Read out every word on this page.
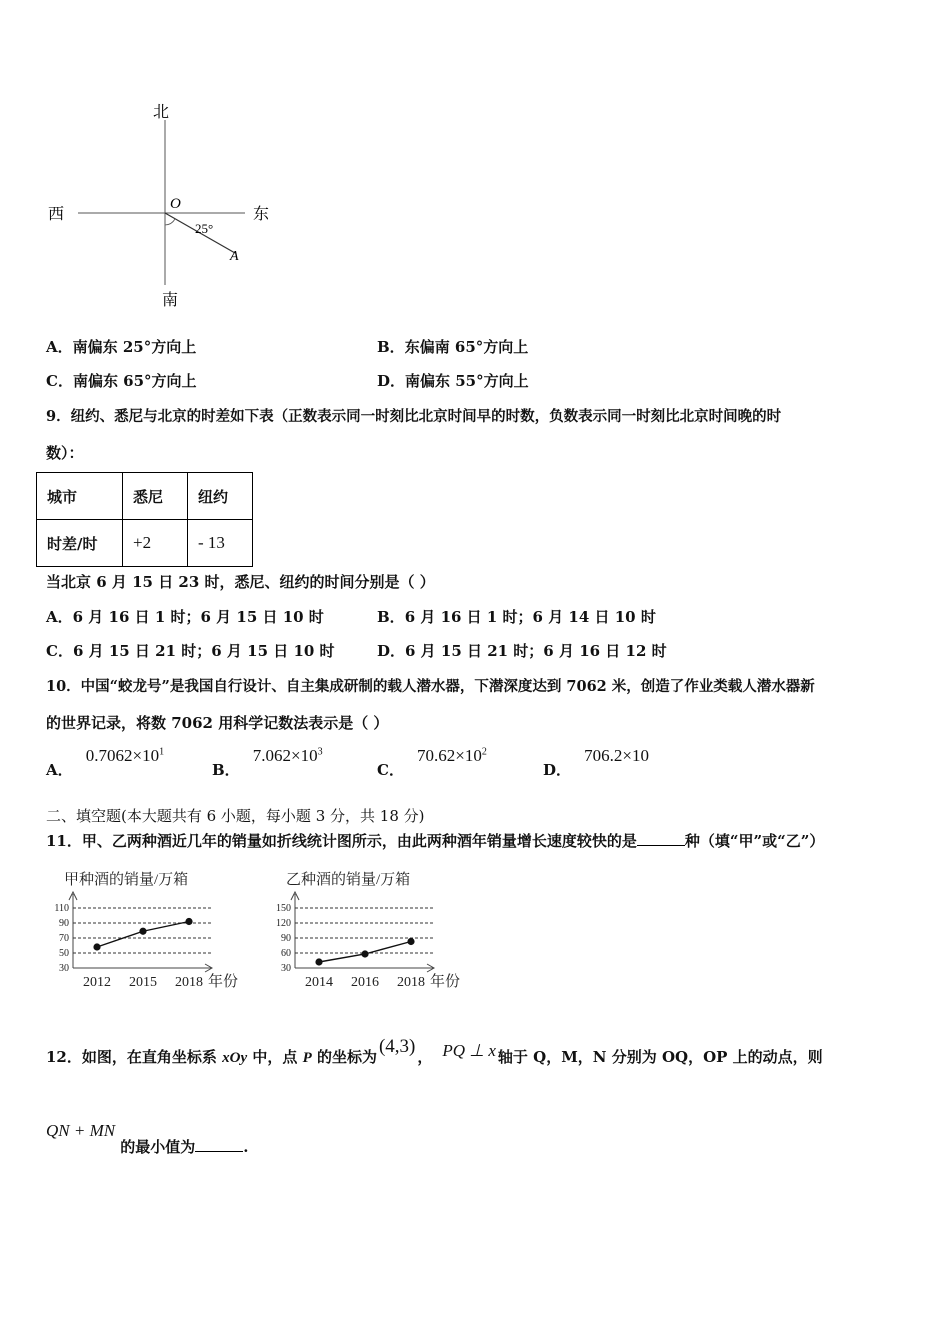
北
南
西	东
O
25°
A
A．南偏东 25°方向上	B．东偏南 65°方向上
C．南偏东 65°方向上	D．南偏东 55°方向上
9．纽约、悉尼与北京的时差如下表（正数表示同一时刻比北京时间早的时数，负数表示同一时刻比北京时间晚的时
数）：
城市	悉尼	纽约
时差/时	+2	- 13
当北京 6 月 15 日 23 时，悉尼、纽约的时间分别是（ ）
A．6 月 16 日 1 时；6 月 15 日 10 时	B．6 月 16 日 1 时；6 月 14 日 10 时
C．6 月 15 日 21 时；6 月 15 日 10 时	D．6 月 15 日 21 时；6 月 16 日 12 时
10．中国“蛟龙号”是我国自行设计、自主集成研制的载人潜水器，下潜深度达到 7062 米，创造了作业类载人潜水器新
的世界记录，将数 7062 用科学记数法表示是（ ）
A． $0.7062\times 10^1$
B． $7.062\times 10^3$
C． $70.62\times 10^2$
D． 706.2×10
二、填空题(本大题共有 6 小题，每小题 3 分，共 18 分)
11．甲、乙两种酒近几年的销量如折线统计图所示，由此两种酒年销量增长速度较快的是	种（填“甲”或“乙”）
甲种酒的销量/万箱
30
50
70
90
110
2012 2015 2018 年份
乙种酒的销量/万箱
30
60
90
120
150
2014 2016 2018 年份
12．如图，在直角坐标系 xOy 中，点 P 的坐标为 (4,3) ， PQ ⊥ x 轴于 Q，M，N 分别为 OQ，OP 上的动点，则
QN + MN 的最小值为	.
